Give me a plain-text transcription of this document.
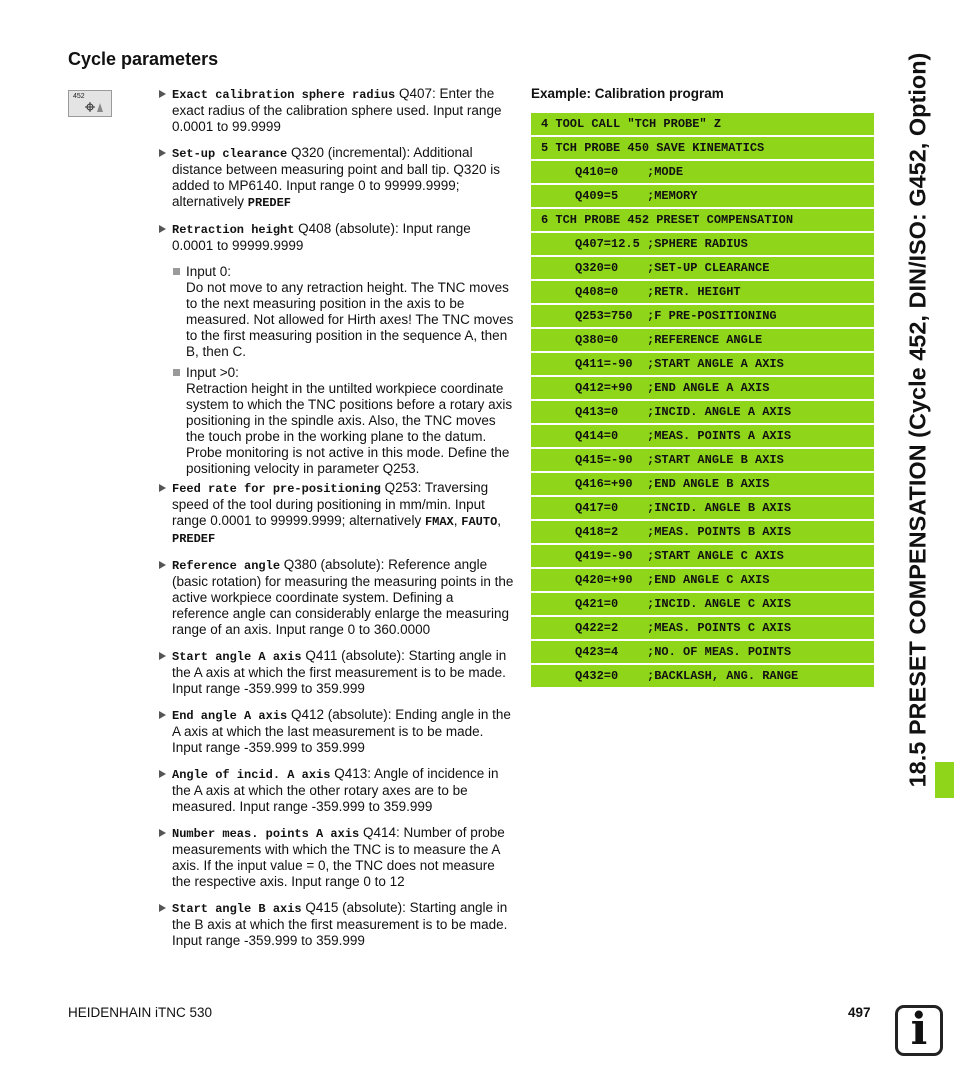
Cycle parameters
452	Exact calibration sphere radius Q407: Enter the exact radius of the calibration sphere used. Input range 0.0001 to 99.9999
Set-up clearance Q320 (incremental): Additional distance between measuring point and ball tip. Q320 is added to MP6140. Input range 0 to 99999.9999; alternatively PREDEF
Retraction height Q408 (absolute): Input range 0.0001 to 99999.9999
Input 0:
Do not move to any retraction height. The TNC moves to the next measuring position in the axis to be measured. Not allowed for Hirth axes! The TNC moves to the first measuring position in the sequence A, then B, then C.
Input >0:
Retraction height in the untilted workpiece coordinate system to which the TNC positions before a rotary axis positioning in the spindle axis. Also, the TNC moves the touch probe in the working plane to the datum. Probe monitoring is not active in this mode. Define the positioning velocity in parameter Q253.
Feed rate for pre-positioning Q253: Traversing speed of the tool during positioning in mm/min. Input range 0.0001 to 99999.9999; alternatively FMAX, FAUTO, PREDEF
Reference angle Q380 (absolute): Reference angle (basic rotation) for measuring the measuring points in the active workpiece coordinate system. Defining a reference angle can considerably enlarge the measuring range of an axis. Input range 0 to 360.0000
Start angle A axis Q411 (absolute): Starting angle in the A axis at which the first measurement is to be made. Input range -359.999 to 359.999
End angle A axis Q412 (absolute): Ending angle in the A axis at which the last measurement is to be made. Input range -359.999 to 359.999
Angle of incid. A axis Q413: Angle of incidence in the A axis at which the other rotary axes are to be measured. Input range -359.999 to 359.999
Number meas. points A axis Q414: Number of probe measurements with which the TNC is to measure the A axis. If the input value = 0, the TNC does not measure the respective axis. Input range 0 to 12
Start angle B axis Q415 (absolute): Starting angle in the B axis at which the first measurement is to be made. Input range -359.999 to 359.999
Example: Calibration program
4 TOOL CALL "TCH PROBE" Z
5 TCH PROBE 450 SAVE KINEMATICS
Q410=0    ;MODE
Q409=5    ;MEMORY
6 TCH PROBE 452 PRESET COMPENSATION
Q407=12.5 ;SPHERE RADIUS
Q320=0    ;SET-UP CLEARANCE
Q408=0    ;RETR. HEIGHT
Q253=750  ;F PRE-POSITIONING
Q380=0    ;REFERENCE ANGLE
Q411=-90  ;START ANGLE A AXIS
Q412=+90  ;END ANGLE A AXIS
Q413=0    ;INCID. ANGLE A AXIS
Q414=0    ;MEAS. POINTS A AXIS
Q415=-90  ;START ANGLE B AXIS
Q416=+90  ;END ANGLE B AXIS
Q417=0    ;INCID. ANGLE B AXIS
Q418=2    ;MEAS. POINTS B AXIS
Q419=-90  ;START ANGLE C AXIS
Q420=+90  ;END ANGLE C AXIS
Q421=0    ;INCID. ANGLE C AXIS
Q422=2    ;MEAS. POINTS C AXIS
Q423=4    ;NO. OF MEAS. POINTS
Q432=0    ;BACKLASH, ANG. RANGE	18.5 PRESET COMPENSATION (Cycle 452, DIN/ISO: G452, Option)
HEIDENHAIN iTNC 530	497 i
